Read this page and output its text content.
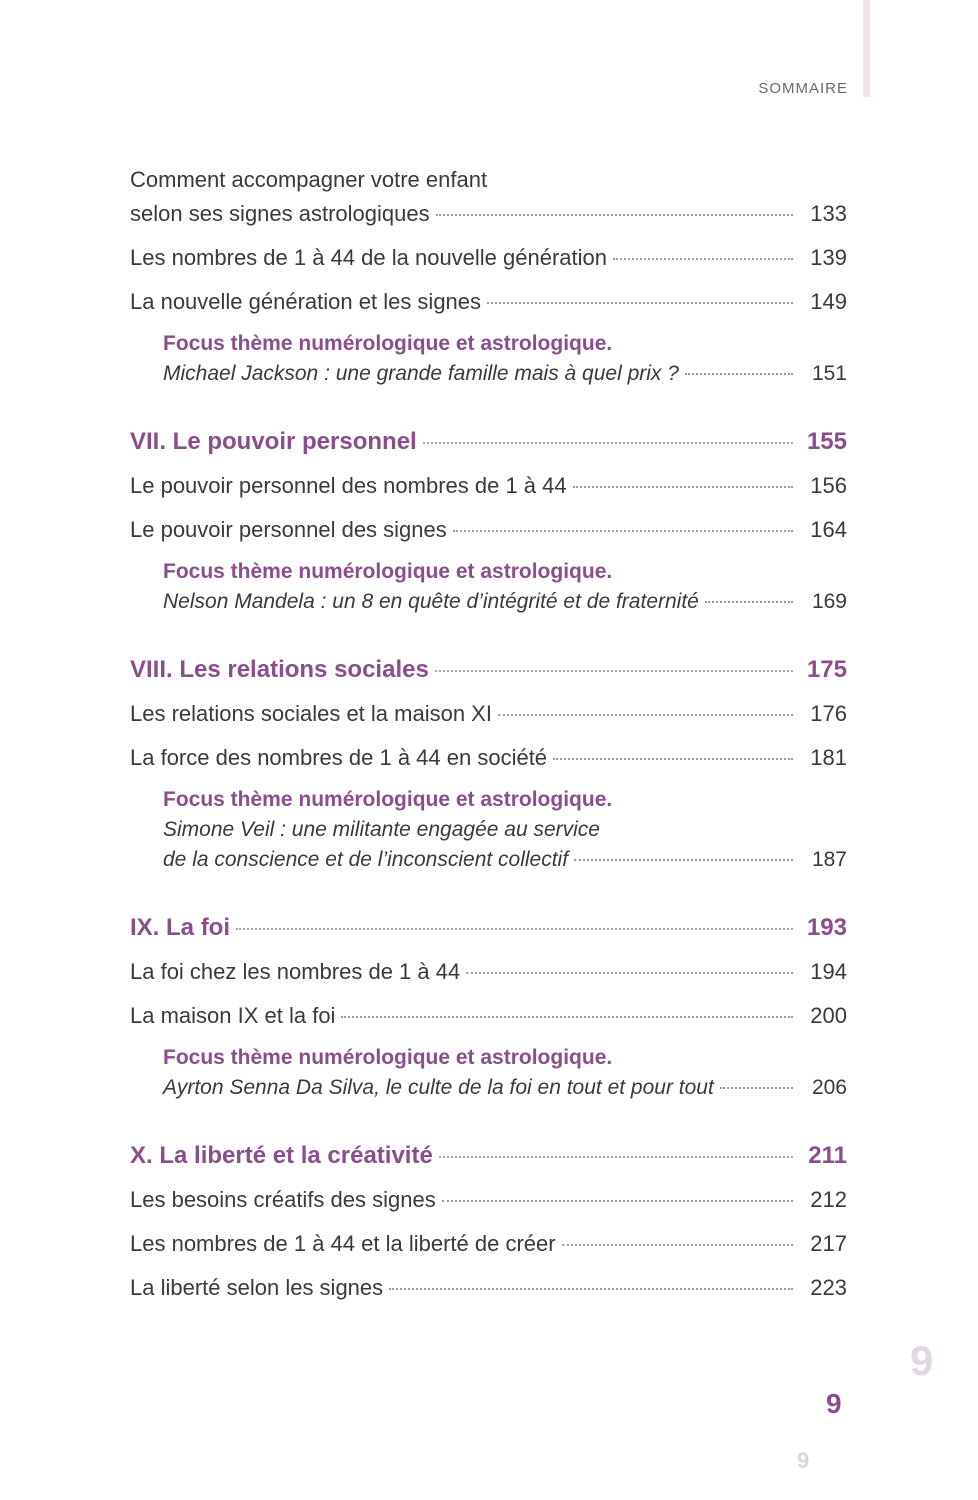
SOMMAIRE
Comment accompagner votre enfant
selon ses signes astrologiques	133
Les nombres de 1 à 44 de la nouvelle génération	139
La nouvelle génération et les signes	149
Focus thème numérologique et astrologique.
Michael Jackson : une grande famille mais à quel prix ?	151
VII. Le pouvoir personnel	155
Le pouvoir personnel des nombres de 1 à 44	156
Le pouvoir personnel des signes	164
Focus thème numérologique et astrologique.
Nelson Mandela : un 8 en quête d’intégrité et de fraternité	169
VIII. Les relations sociales	175
Les relations sociales et la maison XI	176
La force des nombres de 1 à 44 en société	181
Focus thème numérologique et astrologique.
Simone Veil : une militante engagée au service
de la conscience et de l’inconscient collectif	187
IX. La foi	193
La foi chez les nombres de 1 à 44	194
La maison IX et la foi	200
Focus thème numérologique et astrologique.
Ayrton Senna Da Silva, le culte de la foi en tout et pour tout	206
X. La liberté et la créativité	211
Les besoins créatifs des signes	212
Les nombres de 1 à 44 et la liberté de créer	217
La liberté selon les signes	223
9
9
9
